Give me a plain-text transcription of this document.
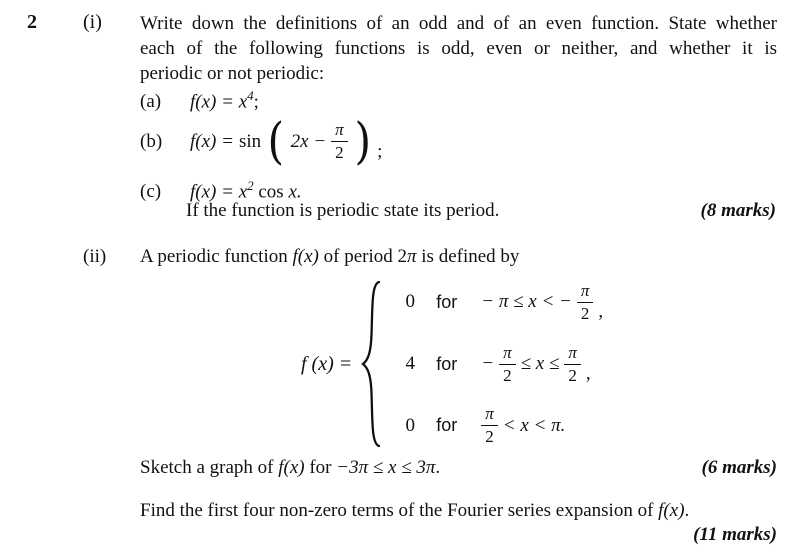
2 (i) Write down the definitions of an odd and of an even function. State whether
each of the following functions is odd, even or neither, and whether it is
periodic or not periodic:
(a)	$f(x) = x^4$;
(b)	f(x) = sin ( $2x - \frac{\pi}{2}$ ) ;
(c)	$f(x) = x^2$ cos x.
If the function is periodic state its period.	(8 marks)
(ii)	A periodic function f(x) of period 2π is defined by
f (x) =
0	for − π ≤ x < − $\frac{\pi}{2}$ ,
4	for − $\frac{\pi}{2} \le x \le \frac{\pi}{2}$ ,
0	for $\frac{\pi}{2} < x < \pi$.
Sketch a graph of f(x) for −3π ≤ x ≤ 3π.	(6 marks)
Find the first four non-zero terms of the Fourier series expansion of f(x).
(11 marks)
